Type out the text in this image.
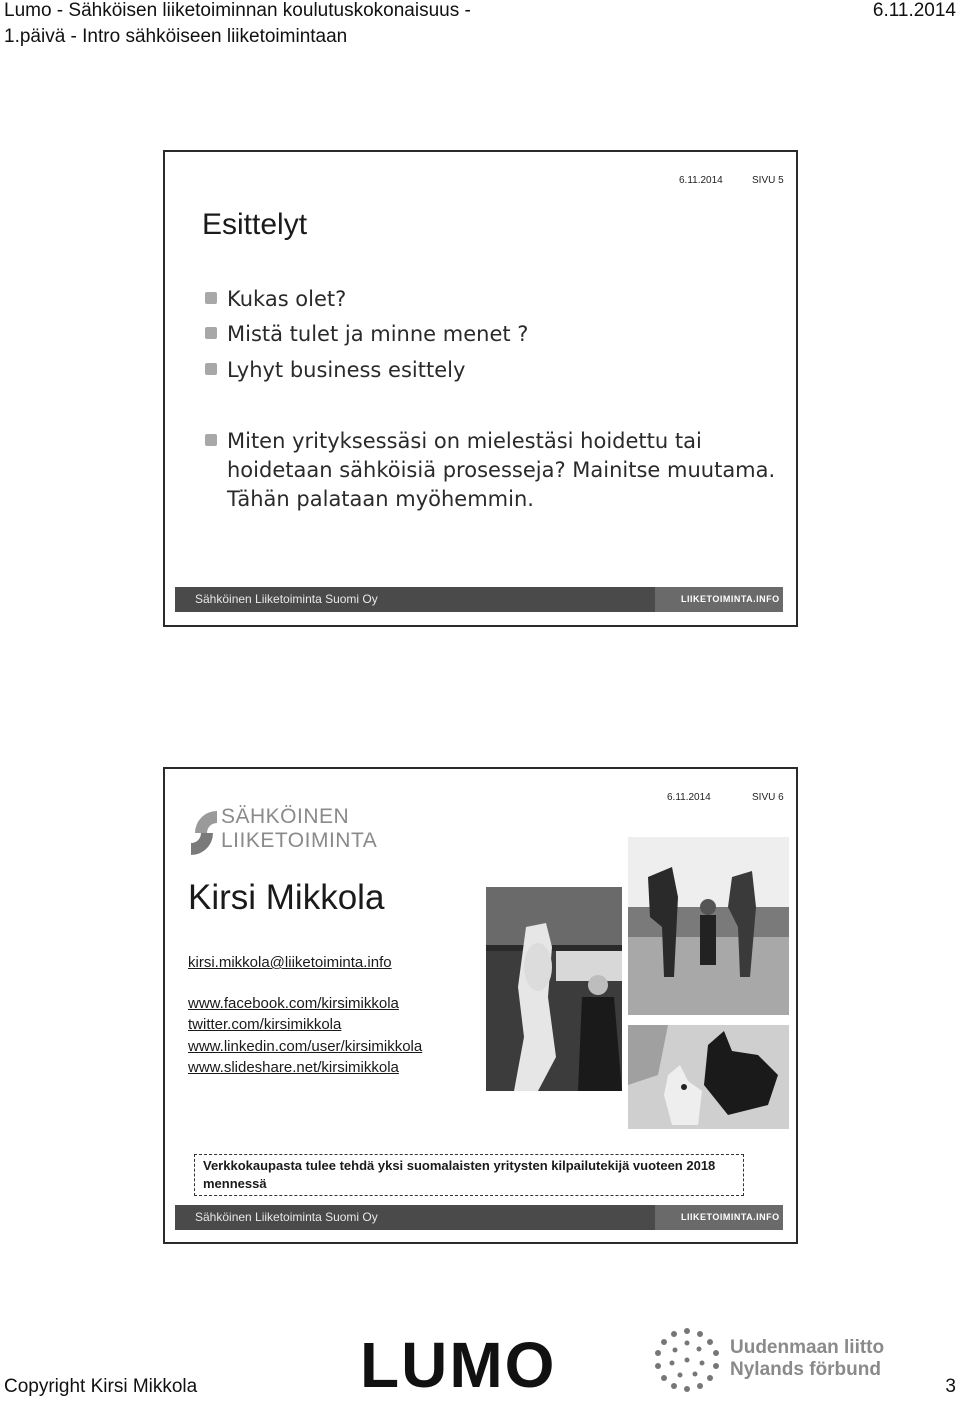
Lumo - Sähköisen liiketoiminnan koulutuskokonaisuus -
1.päivä - Intro sähköiseen liiketoimintaan
6.11.2014
6.11.2014	SIVU 5
Esittelyt
Kukas olet?
Mistä tulet ja minne menet ?
Lyhyt business esittely
Miten yrityksessäsi on mielestäsi hoidettu tai
hoidetaan sähköisiä prosesseja? Mainitse muutama.
Tähän palataan myöhemmin.
Sähköinen Liiketoiminta Suomi Oy	LIIKETOIMINTA.INFO
6.11.2014	SIVU 6
SÄHKÖINEN
LIIKETOIMINTA
Kirsi Mikkola
kirsi.mikkola@liiketoiminta.info
www.facebook.com/kirsimikkola
twitter.com/kirsimikkola
www.linkedin.com/user/kirsimikkola
www.slideshare.net/kirsimikkola
Verkkokaupasta tulee tehdä yksi suomalaisten yritysten kilpailutekijä vuoteen 2018 mennessä
Sähköinen Liiketoiminta Suomi Oy	LIIKETOIMINTA.INFO
LUMO	Uudenmaan liitto
Nylands förbund
Copyright Kirsi Mikkola	3
